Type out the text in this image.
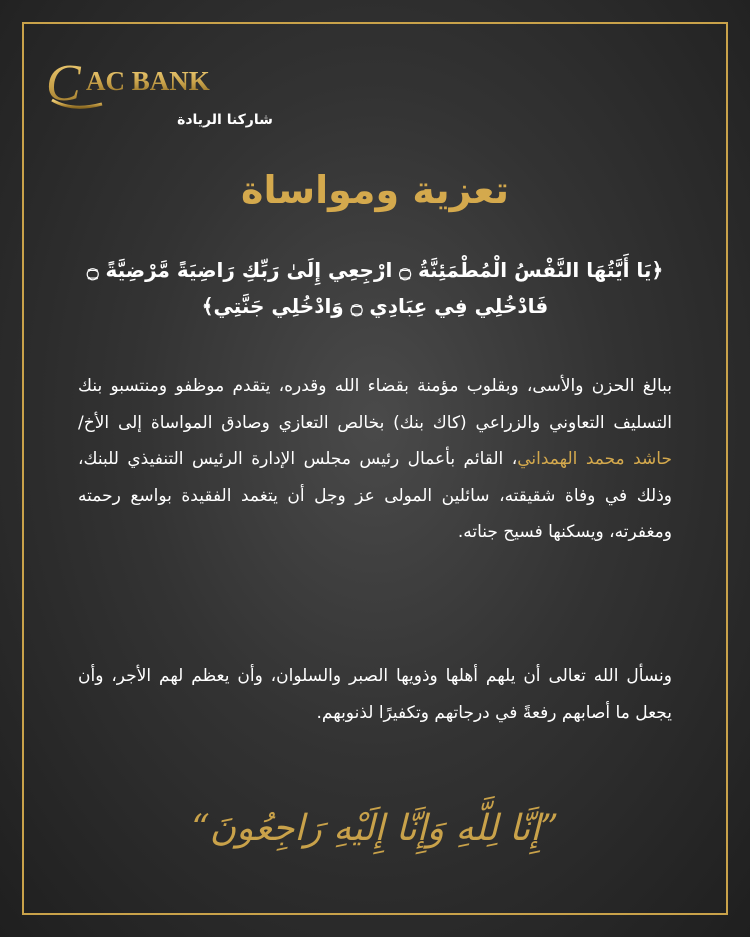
C AC BANK
شاركنا الريادة
تعزية ومواساة
﴿يَا أَيَّتُهَا النَّفْسُ الْمُطْمَئِنَّةُ ۝ ارْجِعِي إِلَىٰ رَبِّكِ رَاضِيَةً مَّرْضِيَّةً ۝ فَادْخُلِي فِي عِبَادِي ۝ وَادْخُلِي جَنَّتِي﴾
ببالغ الحزن والأسى، وبقلوب مؤمنة بقضاء الله وقدره، يتقدم موظفو ومنتسبو بنك التسليف التعاوني والزراعي (كاك بنك) بخالص التعازي وصادق المواساة إلى الأخ/ حاشد محمد الهمداني، القائم بأعمال رئيس مجلس الإدارة الرئيس التنفيذي للبنك، وذلك في وفاة شقيقته، سائلين المولى عز وجل أن يتغمد الفقيدة بواسع رحمته ومغفرته، ويسكنها فسيح جناته.
ونسأل الله تعالى أن يلهم أهلها وذويها الصبر والسلوان، وأن يعظم لهم الأجر، وأن يجعل ما أصابهم رفعةً في درجاتهم وتكفيرًا لذنوبهم.
”إِنَّا لِلَّهِ وَإِنَّا إِلَيْهِ رَاجِعُونَ“
